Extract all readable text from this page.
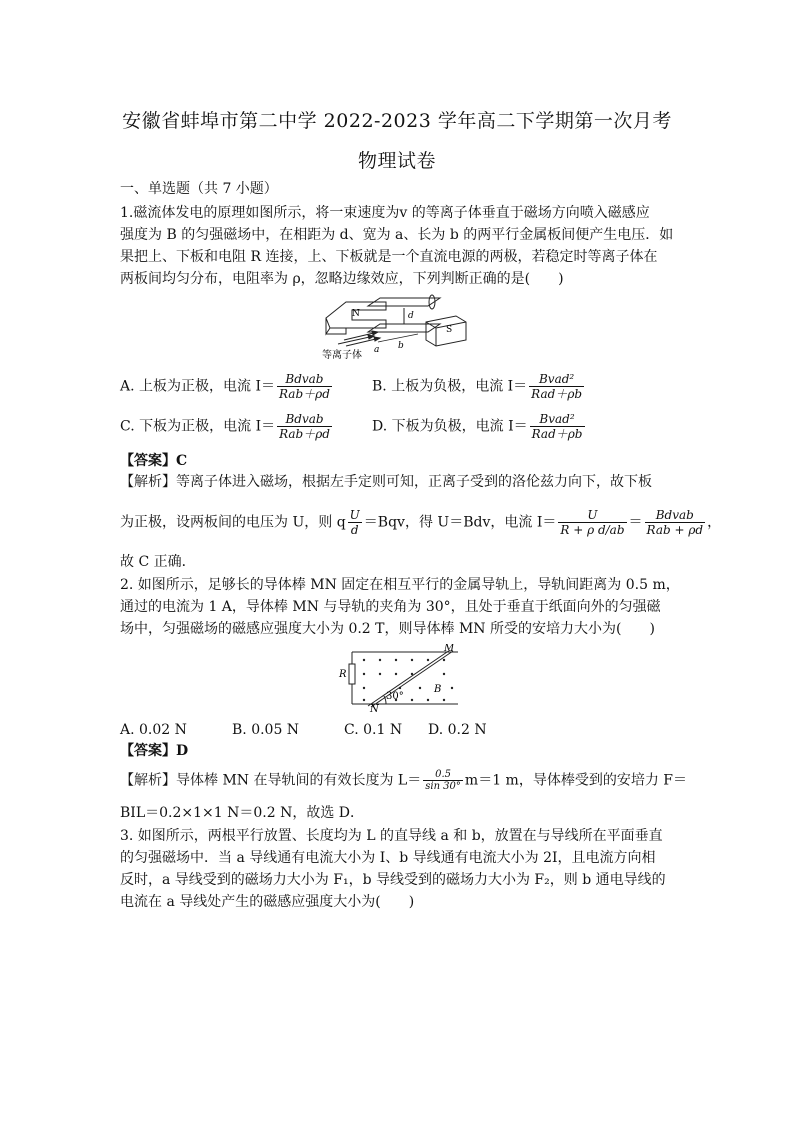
安徽省蚌埠市第二中学 2022-2023 学年高二下学期第一次月考
物理试卷
一、单选题（共 7 小题）
1.磁流体发电的原理如图所示，将一束速度为v 的等离子体垂直于磁场方向喷入磁感应
强度为 B 的匀强磁场中，在相距为 d、宽为 a、长为 b 的两平行金属板间便产生电压．如
果把上、下板和电阻 R 连接，上、下板就是一个直流电源的两极，若稳定时等离子体在
两板间均匀分布，电阻率为 ρ，忽略边缘效应，下列判断正确的是(　　)
N	d
S
a b
等离子体
A. 上板为正极，电流 $I= \frac{\text{Bdvab}}{\text{Rab＋ρd}}$	B. 上板为负极，电流 $I= \frac{\text{Bvad²}}{\text{Rad＋ρb}}$
C. 下板为正极，电流 $I= \frac{\text{Bdvab}}{\text{Rab＋ρd}}$	D. 下板为负极，电流 $I= \frac{\text{Bvad²}}{\text{Rad＋ρb}}$
【答案】C
【解析】等离子体进入磁场，根据左手定则可知，正离子受到的洛伦兹力向下，故下板
为正极，设两板间的电压为 U，则 q $\frac{U}{d} =Bqv$，得 U＝Bdv，电流 $I= \frac{U}{\text{R + ρ d/ab}} = \frac{\text{Bdvab}}{\text{Rab + ρd}}$ ，
故 C 正确．
2. 如图所示，足够长的导体棒 MN 固定在相互平行的金属导轨上，导轨间距离为 0.5 m，
通过的电流为 1 A，导体棒 MN 与导轨的夹角为 30°，且处于垂直于纸面向外的匀强磁
场中，匀强磁场的磁感应强度大小为 0.2 T，则导体棒 MN 所受的安培力大小为(　　)
R
M
N
B
30°
A. 0.02 N	B. 0.05 N	C. 0.1 N D. 0.2 N
【答案】D
【解析】导体棒 MN 在导轨间的有效长度为 $L= \frac{0.5}{\sin 30^\circ} m=1$ m，导体棒受到的安培力 F＝
BIL＝0.2×1×1 N＝0.2 N，故选 D．
3. 如图所示，两根平行放置、长度均为 L 的直导线 a 和 b，放置在与导线所在平面垂直
的匀强磁场中．当 a 导线通有电流大小为 I、b 导线通有电流大小为 2I，且电流方向相
反时，a 导线受到的磁场力大小为 F₁，b 导线受到的磁场力大小为 F₂，则 b 通电导线的
电流在 a 导线处产生的磁感应强度大小为(　　)
